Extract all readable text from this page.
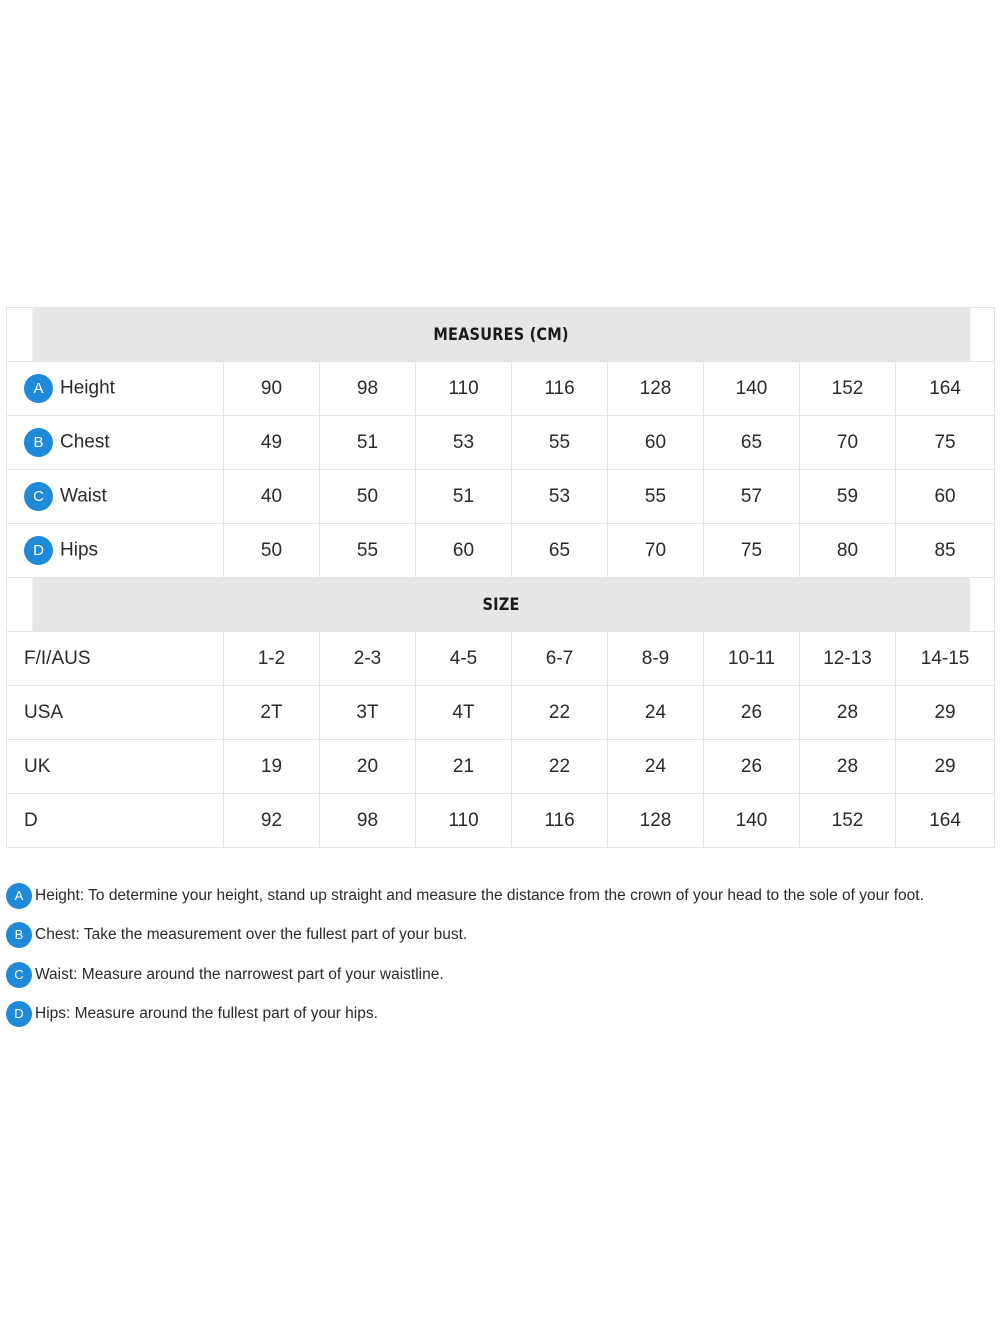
MEASURES (CM)								
A Height	90	98	110	116	128	140	152	164
B Chest	49	51	53	55	60	65	70	75
C Waist	40	50	51	53	55	57	59	60
D Hips	50	55	60	65	70	75	80	85
SIZE								
F/I/AUS	1-2	2-3	4-5	6-7	8-9	10-11	12-13	14-15
USA	2T	3T	4T	22	24	26	28	29
UK	19	20	21	22	24	26	28	29
D	92	98	110	116	128	140	152	164
A Height: To determine your height, stand up straight and measure the distance from the crown of your head to the sole of your foot.
B Chest: Take the measurement over the fullest part of your bust.
C Waist: Measure around the narrowest part of your waistline.
D Hips: Measure around the fullest part of your hips.
